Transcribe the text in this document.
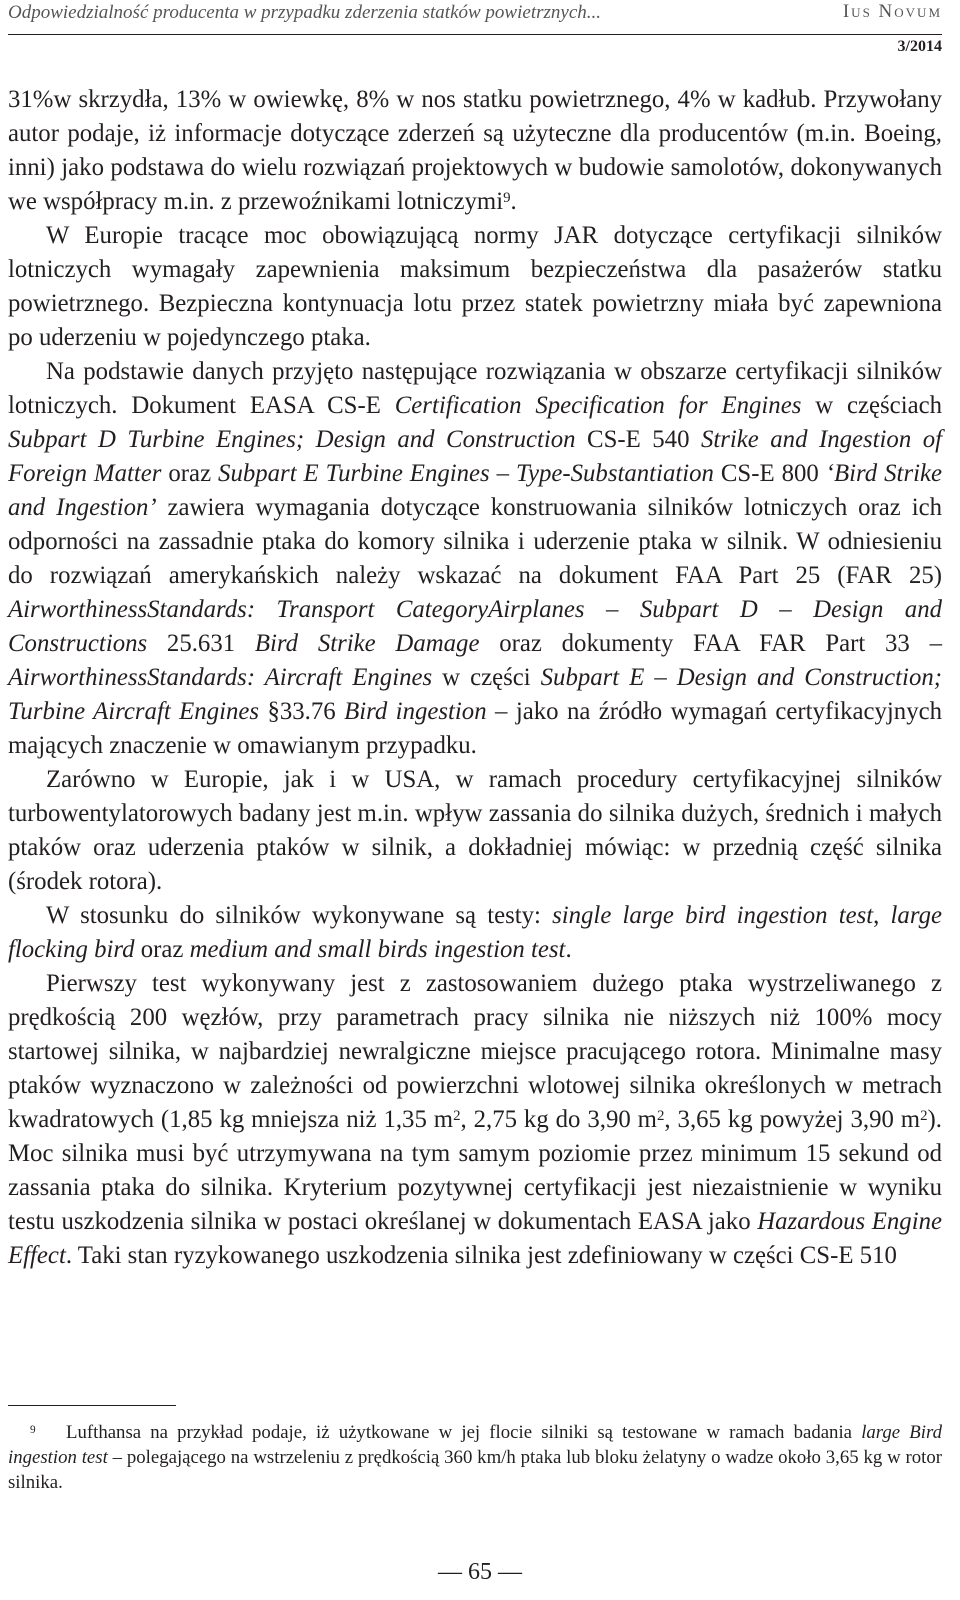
Odpowiedzialność producenta w przypadku zderzenia statków powietrznych...	Ius Novum
3/2014

31%w skrzydła, 13% w owiewkę, 8% w nos statku powietrznego, 4% w kadłub. Przywołany autor podaje, iż informacje dotyczące zderzeń są użyteczne dla producentów (m.in. Boeing, inni) jako podstawa do wielu rozwiązań projektowych w budowie samolotów, dokonywanych we współpracy m.in. z przewoźnikami lotniczymi$^9$.

W Europie tracące moc obowiązującą normy JAR dotyczące certyfikacji silników lotniczych wymagały zapewnienia maksimum bezpieczeństwa dla pasażerów statku powietrznego. Bezpieczna kontynuacja lotu przez statek powietrzny miała być zapewniona po uderzeniu w pojedynczego ptaka.

Na podstawie danych przyjęto następujące rozwiązania w obszarze certyfikacji silników lotniczych. Dokument EASA CS-E Certification Specification for Engines w częściach Subpart D Turbine Engines; Design and Construction CS-E 540 Strike and Ingestion of Foreign Matter oraz Subpart E Turbine Engines – Type-Substantiation CS-E 800 ‘Bird Strike and Ingestion’ zawiera wymagania dotyczące konstruowania silników lotniczych oraz ich odporności na zassadnie ptaka do komory silnika i uderzenie ptaka w silnik. W odniesieniu do rozwiązań amerykańskich należy wskazać na dokument FAA Part 25 (FAR 25) AirworthinessStandards: Transport CategoryAirplanes – Subpart D – Design and Constructions 25.631 Bird Strike Damage oraz dokumenty FAA FAR Part 33 – AirworthinessStandards: Aircraft Engines w części Subpart E – Design and Construction; Turbine Aircraft Engines §33.76 Bird ingestion – jako na źródło wymagań certyfikacyjnych mających znaczenie w omawianym przypadku.

Zarówno w Europie, jak i w USA, w ramach procedury certyfikacyjnej silników turbowentylatorowych badany jest m.in. wpływ zassania do silnika dużych, średnich i małych ptaków oraz uderzenia ptaków w silnik, a dokładniej mówiąc: w przednią część silnika (środek rotora).

W stosunku do silników wykonywane są testy: single large bird ingestion test, large flocking bird oraz medium and small birds ingestion test.

Pierwszy test wykonywany jest z zastosowaniem dużego ptaka wystrzeliwanego z prędkością 200 węzłów, przy parametrach pracy silnika nie niższych niż 100% mocy startowej silnika, w najbardziej newralgiczne miejsce pracującego rotora. Minimalne masy ptaków wyznaczono w zależności od powierzchni wlotowej silnika określonych w metrach kwadratowych (1,85 kg mniejsza niż 1,35 $m^2$, 2,75 kg do 3,90 $m^2$, 3,65 kg powyżej 3,90 $m^2$). Moc silnika musi być utrzymywana na tym samym poziomie przez minimum 15 sekund od zassania ptaka do silnika. Kryterium pozytywnej certyfikacji jest niezaistnienie w wyniku testu uszkodzenia silnika w postaci określanej w dokumentach EASA jako Hazardous Engine Effect. Taki stan ryzykowanego uszkodzenia silnika jest zdefiniowany w części CS-E 510

$^9$ Lufthansa na przykład podaje, iż użytkowane w jej flocie silniki są testowane w ramach badania large Bird ingestion test – polegającego na wstrzeleniu z prędkością 360 km/h ptaka lub bloku żelatyny o wadze około 3,65 kg w rotor silnika.
— 65 —
